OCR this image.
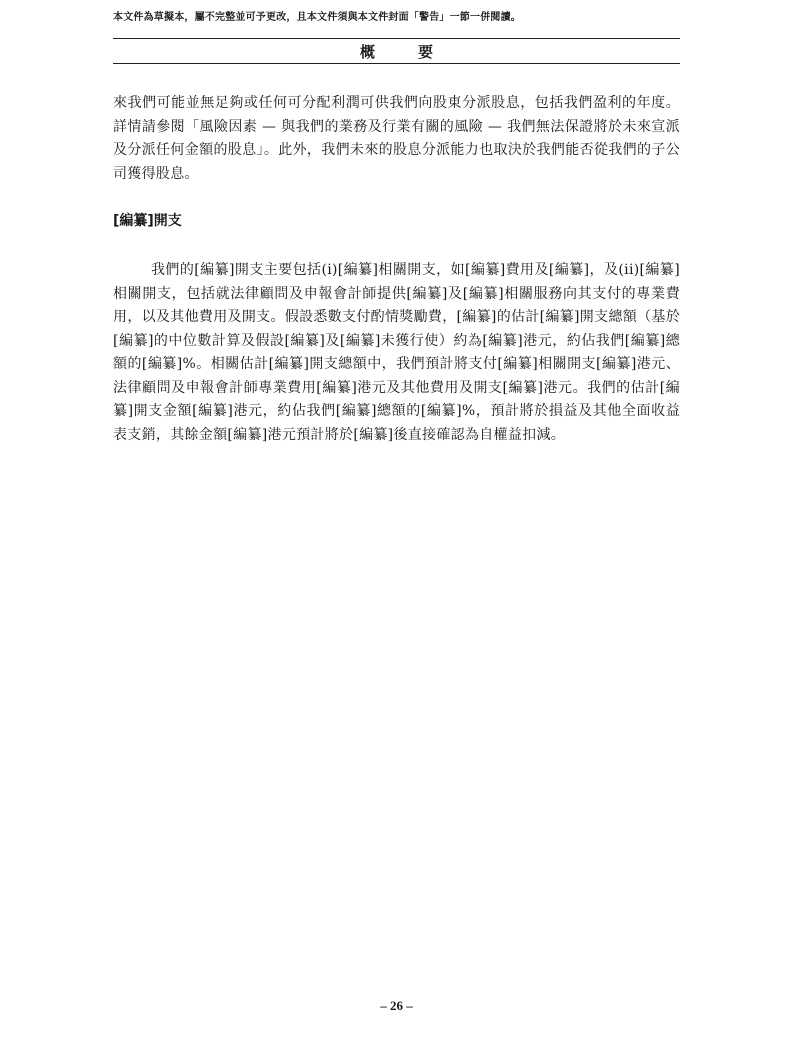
本文件為草擬本，屬不完整並可予更改，且本文件須與本文件封面「警告」一節一併閱讀。
概　要

來我們可能並無足夠或任何可分配利潤可供我們向股東分派股息，包括我們盈利的年度。詳情請參閱「風險因素 — 與我們的業務及行業有關的風險 — 我們無法保證將於未來宣派及分派任何金額的股息」。此外，我們未來的股息分派能力也取決於我們能否從我們的子公司獲得股息。

[編纂]開支

我們的[編纂]開支主要包括(i)[編纂]相關開支，如[編纂]費用及[編纂]，及(ii)[編纂]相關開支，包括就法律顧問及申報會計師提供[編纂]及[編纂]相關服務向其支付的專業費用，以及其他費用及開支。假設悉數支付酌情獎勵費，[編纂]的估計[編纂]開支總額（基於[編纂]的中位數計算及假設[編纂]及[編纂]未獲行使）約為[編纂]港元，約佔我們[編纂]總額的[編纂]%。相關估計[編纂]開支總額中，我們預計將支付[編纂]相關開支[編纂]港元、法律顧問及申報會計師專業費用[編纂]港元及其他費用及開支[編纂]港元。我們的估計[編纂]開支金額[編纂]港元，約佔我們[編纂]總額的[編纂]%，預計將於損益及其他全面收益表支銷，其餘金額[編纂]港元預計將於[編纂]後直接確認為自權益扣減。

– 26 –
